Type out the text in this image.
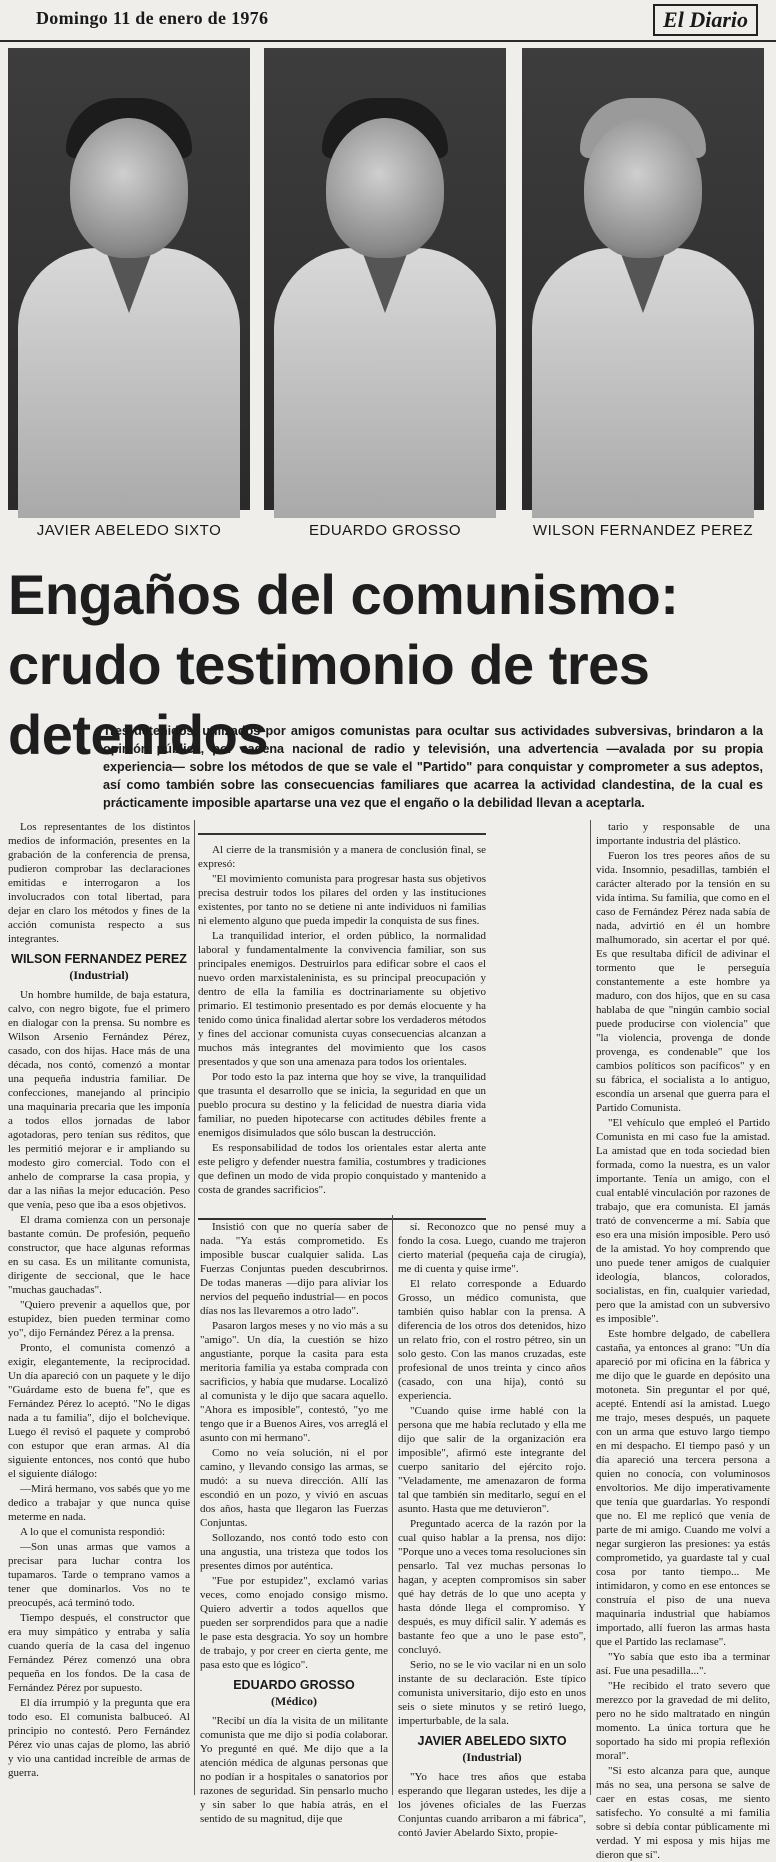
Domingo 11 de enero de 1976	El Diario
JAVIER ABELEDO SIXTO	EDUARDO GROSSO	WILSON FERNANDEZ PEREZ
Engaños del comunismo: crudo testimonio de tres detenidos
Tres detenidos, utilizados por amigos comunistas para ocultar sus actividades subversivas, brindaron a la opinión pública, por cadena nacional de radio y televisión, una advertencia —avalada por su propia experiencia— sobre los métodos de que se vale el "Partido" para conquistar y comprometer a sus adeptos, así como también sobre las consecuencias familiares que acarrea la actividad clandestina, de la cual es prácticamente imposible apartarse una vez que el engaño o la debilidad llevan a aceptarla.

Los representantes de los distintos medios de información, presentes en la grabación de la conferencia de prensa, pudieron comprobar las declaraciones emitidas e interrogaron a los involucrados con total libertad, para dejar en claro los métodos y fines de la acción comunista respecto a sus integrantes.

WILSON FERNANDEZ PEREZ
(Industrial)

Un hombre humilde, de baja estatura, calvo, con negro bigote, fue el primero en dialogar con la prensa. Su nombre es Wilson Arsenio Fernández Pérez, casado, con dos hijas. Hace más de una década, nos contó, comenzó a montar una pequeña industria familiar. De confecciones, manejando al principio una maquinaria precaria que les imponía a todos ellos jornadas de labor agotadoras, pero tenían sus réditos, que les permitió mejorar e ir ampliando su modesto giro comercial. Todo con el anhelo de comprarse la casa propia, y dar a las niñas la mejor educación. Peso que venía, peso que iba a esos objetivos.

El drama comienza con un personaje bastante común. De profesión, pequeño constructor, que hace algunas reformas en su casa. Es un militante comunista, dirigente de seccional, que le hace "muchas gauchadas".

"Quiero prevenir a aquellos que, por estupidez, bien pueden terminar como yo", dijo Fernández Pérez a la prensa.

Pronto, el comunista comenzó a exigir, elegantemente, la reciprocidad. Un día apareció con un paquete y le dijo "Guárdame esto de buena fe", que es Fernández Pérez lo aceptó. "No le digas nada a tu familia", dijo el bolchevique. Luego él revisó el paquete y comprobó con estupor que eran armas. Al día siguiente entonces, nos contó que hubo el siguiente diálogo:

—Mirá hermano, vos sabés que yo me dedico a trabajar y que nunca quise meterme en nada.

A lo que el comunista respondió:

—Son unas armas que vamos a precisar para luchar contra los tupamaros. Tarde o temprano vamos a tener que dominarlos. Vos no te preocupés, acá terminó todo.

Tiempo después, el constructor que era muy simpático y entraba y salía cuando quería de la casa del ingenuo Fernández Pérez comenzó una obra pequeña en los fondos. De la casa de Fernández Pérez por supuesto.

El día irrumpió y la pregunta que era todo eso. El comunista balbuceó. Al principio no contestó. Pero Fernández Pérez vio unas cajas de plomo, las abrió y vio una cantidad increíble de armas de guerra.

Al cierre de la transmisión y a manera de conclusión final, se expresó:

"El movimiento comunista para progresar hasta sus objetivos precisa destruir todos los pilares del orden y las instituciones existentes, por tanto no se detiene ni ante individuos ni familias ni elemento alguno que pueda impedir la conquista de sus fines.

La tranquilidad interior, el orden público, la normalidad laboral y fundamentalmente la convivencia familiar, son sus principales enemigos. Destruirlos para edificar sobre el caos el nuevo orden marxistaleninista, es su principal preocupación y dentro de ella la familia es doctrinariamente su objetivo primario. El testimonio presentado es por demás elocuente y ha tenido como única finalidad alertar sobre los verdaderos métodos y fines del accionar comunista cuyas consecuencias alcanzan a muchos más integrantes del movimiento que los casos presentados y que son una amenaza para todos los orientales.

Por todo esto la paz interna que hoy se vive, la tranquilidad que trasunta el desarrollo que se inicia, la seguridad en que un pueblo procura su destino y la felicidad de nuestra diaria vida familiar, no pueden hipotecarse con actitudes débiles frente a enemigos disimulados que sólo buscan la destrucción.

Es responsabilidad de todos los orientales estar alerta ante este peligro y defender nuestra familia, costumbres y tradiciones que definen un modo de vida propio conquistado y mantenido a costa de grandes sacrificios".

Insistió con que no quería saber de nada. "Ya estás comprometido. Es imposible buscar cualquier salida. Las Fuerzas Conjuntas pueden descubrirnos. De todas maneras —dijo para aliviar los nervios del pequeño industrial— en pocos días nos las llevaremos a otro lado".

Pasaron largos meses y no vio más a su "amigo". Un día, la cuestión se hizo angustiante, porque la casita para esta meritoria familia ya estaba comprada con sacrificios, y había que mudarse. Localizó al comunista y le dijo que sacara aquello. "Ahora es imposible", contestó, "yo me tengo que ir a Buenos Aires, vos arreglá el asunto con mi hermano".

Como no veía solución, ni el por camino, y llevando consigo las armas, se mudó: a su nueva dirección. Allí las escondió en un pozo, y vivió en ascuas dos años, hasta que llegaron las Fuerzas Conjuntas.

Sollozando, nos contó todo esto con una angustia, una tristeza que todos los presentes dimos por auténtica.

"Fue por estupidez", exclamó varias veces, como enojado consigo mismo. Quiero advertir a todos aquellos que pueden ser sorprendidos para que a nadie le pase esta desgracia. Yo soy un hombre de trabajo, y por creer en cierta gente, me pasa esto que es lógico".

EDUARDO GROSSO
(Médico)

"Recibí un día la visita de un militante comunista que me dijo si podía colaborar. Yo pregunté en qué. Me dijo que a la atención médica de algunas personas que no podían ir a hospitales o sanatorios por razones de seguridad. Sin pensarlo mucho y sin saber lo que había atrás, en el sentido de su magnitud, dije que

sí. Reconozco que no pensé muy a fondo la cosa. Luego, cuando me trajeron cierto material (pequeña caja de cirugía), me di cuenta y quise irme".

El relato corresponde a Eduardo Grosso, un médico comunista, que también quiso hablar con la prensa. A diferencia de los otros dos detenidos, hizo un relato frío, con el rostro pétreo, sin un solo gesto. Con las manos cruzadas, este profesional de unos treinta y cinco años (casado, con una hija), contó su experiencia.

"Cuando quise irme hablé con la persona que me había reclutado y ella me dijo que salir de la organización era imposible", afirmó este integrante del cuerpo sanitario del ejército rojo. "Veladamente, me amenazaron de forma tal que también sin meditarlo, seguí en el asunto. Hasta que me detuvieron".

Preguntado acerca de la razón por la cual quiso hablar a la prensa, nos dijo: "Porque uno a veces toma resoluciones sin pensarlo. Tal vez muchas personas lo hagan, y acepten compromisos sin saber qué hay detrás de lo que uno acepta y hasta dónde llega el compromiso. Y después, es muy difícil salir. Y además es bastante feo que a uno le pase esto", concluyó.

Serio, no se le vio vacilar ni en un solo instante de su declaración. Este típico comunista universitario, dijo esto en unos seis o siete minutos y se retiró luego, imperturbable, de la sala.

JAVIER ABELEDO SIXTO
(Industrial)

"Yo hace tres años que estaba esperando que llegaran ustedes, les dije a los jóvenes oficiales de las Fuerzas Conjuntas cuando arribaron a mi fábrica", contó Javier Abelardo Sixto, propie-

tario y responsable de una importante industria del plástico.

Fueron los tres peores años de su vida. Insomnio, pesadillas, también el carácter alterado por la tensión en su vida íntima. Su familia, que como en el caso de Fernández Pérez nada sabía de nada, advirtió en él un hombre malhumorado, sin acertar el por qué. Es que resultaba difícil de adivinar el tormento que le perseguía constantemente a este hombre ya maduro, con dos hijos, que en su casa hablaba de que "ningún cambio social puede producirse con violencia" que "la violencia, provenga de donde provenga, es condenable" que los cambios políticos son pacíficos" y en su fábrica, el socialista a lo antiguo, escondía un arsenal que guerra para el Partido Comunista.

"El vehículo que empleó el Partido Comunista en mi caso fue la amistad. La amistad que en toda sociedad bien formada, como la nuestra, es un valor importante. Tenía un amigo, con el cual entablé vinculación por razones de trabajo, que era comunista. El jamás trató de convencerme a mí. Sabía que eso era una misión imposible. Pero usó de la amistad. Yo hoy comprendo que uno puede tener amigos de cualquier ideología, blancos, colorados, socialistas, en fin, cualquier variedad, pero que la amistad con un subversivo es imposible".

Este hombre delgado, de cabellera castaña, ya entonces al grano: "Un día apareció por mi oficina en la fábrica y me dijo que le guarde en depósito una motoneta. Sin preguntar el por qué, acepté. Entendí así la amistad. Luego me trajo, meses después, un paquete con un arma que estuvo largo tiempo en mi despacho. El tiempo pasó y un día apareció una tercera persona a quien no conocía, con voluminosos envoltorios. Me dijo imperativamente que tenía que guardarlas. Yo respondí que no. El me replicó que venía de parte de mi amigo. Cuando me volví a negar surgieron las presiones: ya estás comprometido, ya guardaste tal y cual cosa por tanto tiempo... Me intimidaron, y como en ese entonces se construía el piso de una nueva maquinaria industrial que habíamos importado, allí fueron las armas hasta que el Partido las reclamase".

"Yo sabía que esto iba a terminar así. Fue una pesadilla...".

"He recibido el trato severo que merezco por la gravedad de mi delito, pero no he sido maltratado en ningún momento. La única tortura que he soportado ha sido mi propia reflexión moral".

"Si esto alcanza para que, aunque más no sea, una persona se salve de caer en estas cosas, me siento satisfecho. Yo consulté a mi familia sobre si debía contar públicamente mi verdad. Y mi esposa y mis hijas me dieron que sí".
